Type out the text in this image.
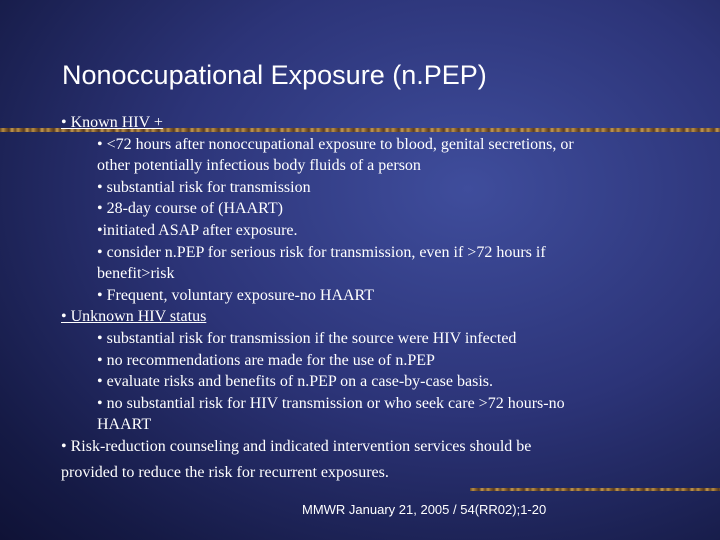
Nonoccupational Exposure (n.PEP)
• Known HIV +
• <72 hours after nonoccupational exposure to blood, genital secretions, or
other potentially infectious body fluids of a person
• substantial risk for transmission
• 28-day course of (HAART)
•initiated ASAP after exposure.
• consider n.PEP for serious risk for transmission, even if >72 hours if
benefit>risk
• Frequent, voluntary exposure-no HAART
• Unknown HIV status
• substantial risk for transmission if the source were HIV infected
• no recommendations are made for the use of n.PEP
• evaluate risks and benefits of n.PEP on a case-by-case basis.
• no substantial risk for HIV transmission or who seek care >72 hours-no
HAART
• Risk-reduction counseling and indicated intervention services should be
provided to reduce the risk for recurrent exposures.
MMWR January 21, 2005 / 54(RR02);1-20
